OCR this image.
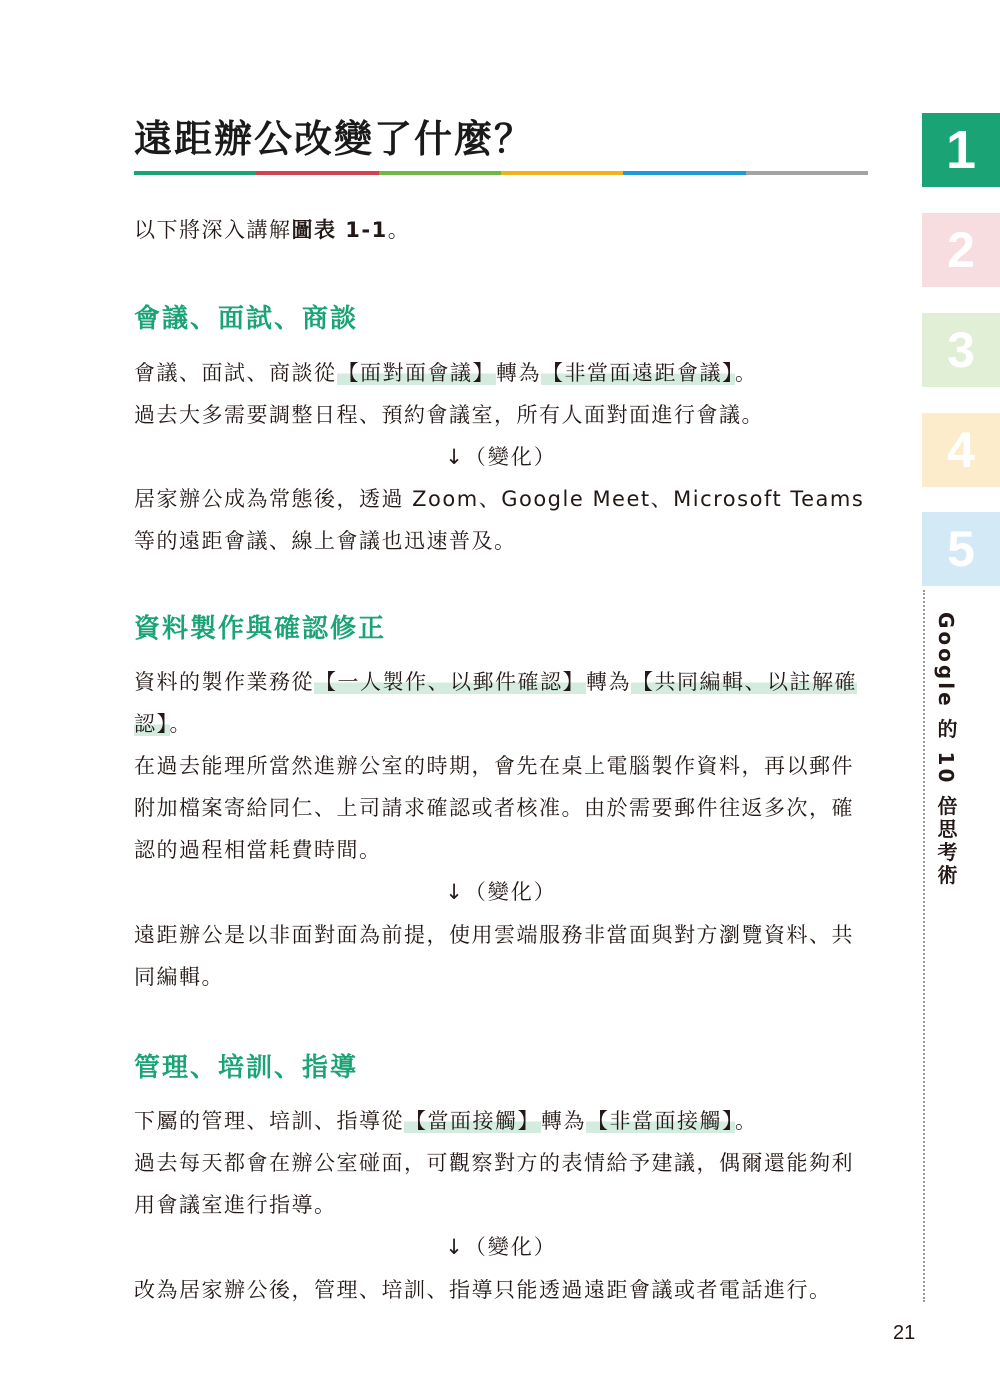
遠距辦公改變了什麼？

以下將深入講解圖表 1-1。

會議、面試、商談

會議、面試、商談從【面對面會議】轉為【非當面遠距會議】。

過去大多需要調整日程、預約會議室，所有人面對面進行會議。

↓（變化）

居家辦公成為常態後，透過 Zoom、Google Meet、Microsoft Teams 等的遠距會議、線上會議也迅速普及。

資料製作與確認修正

資料的製作業務從【一人製作、以郵件確認】轉為【共同編輯、以註解確認】。

在過去能理所當然進辦公室的時期，會先在桌上電腦製作資料，再以郵件附加檔案寄給同仁、上司請求確認或者核准。由於需要郵件往返多次，確認的過程相當耗費時間。

↓（變化）

遠距辦公是以非面對面為前提，使用雲端服務非當面與對方瀏覽資料、共同編輯。

管理、培訓、指導

下屬的管理、培訓、指導從【當面接觸】轉為【非當面接觸】。

過去每天都會在辦公室碰面，可觀察對方的表情給予建議，偶爾還能夠利用會議室進行指導。

↓（變化）

改為居家辦公後，管理、培訓、指導只能透過遠距會議或者電話進行。

1
2
3
4
5
Google 的 10 倍思考術
21
